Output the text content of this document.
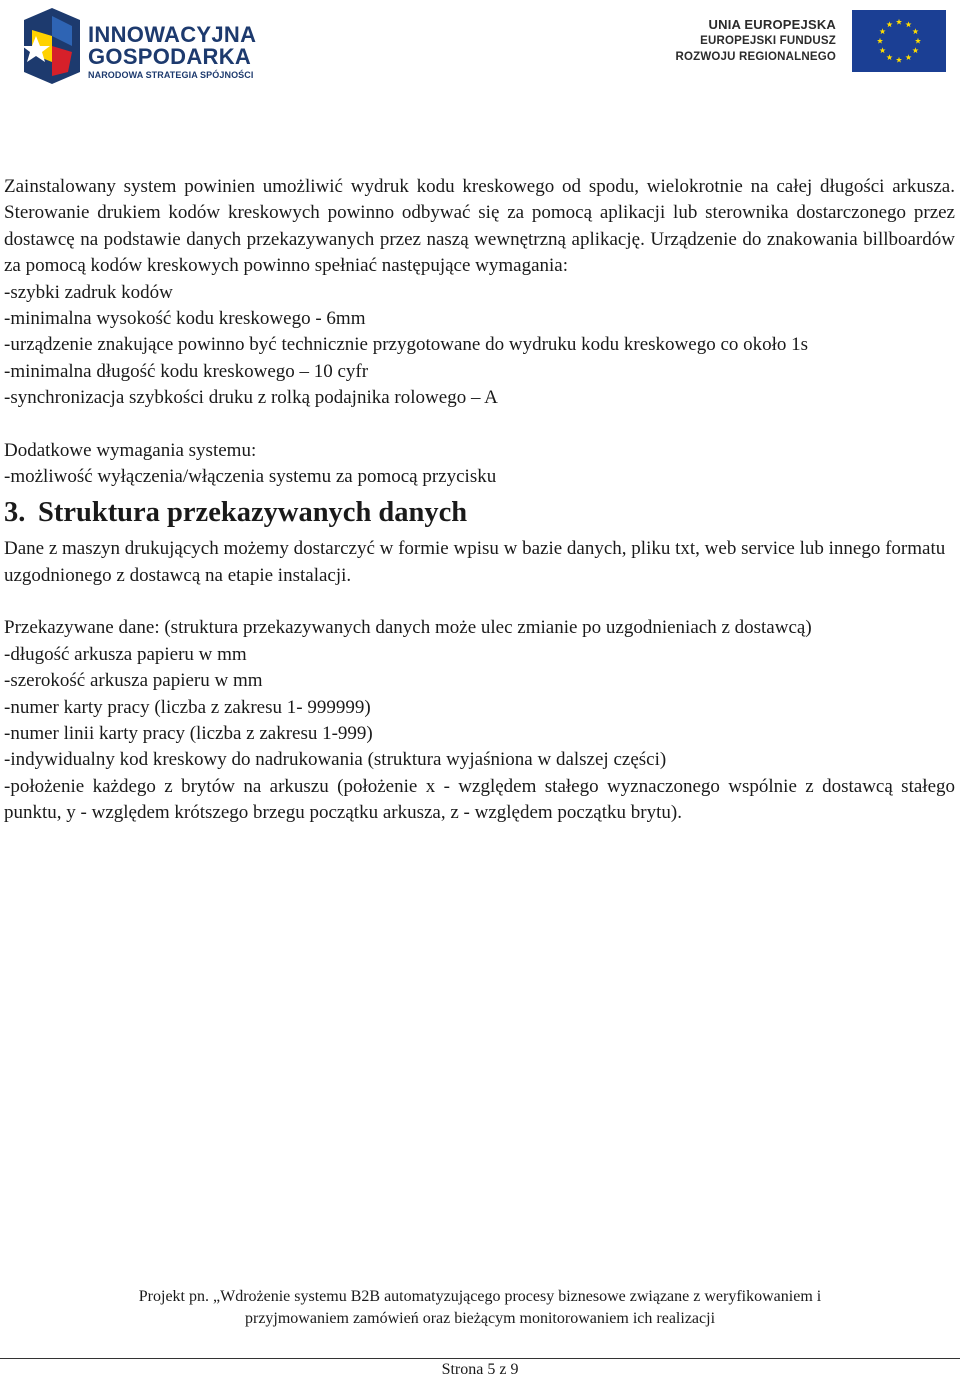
INNOWACYJNA
GOSPODARKA
NARODOWA STRATEGIA SPÓJNOŚCI
UNIA EUROPEJSKA
EUROPEJSKI FUNDUSZ
ROZWOJU REGIONALNEGO

Zainstalowany system powinien umożliwić wydruk kodu kreskowego od spodu, wielokrotnie na całej długości arkusza. Sterowanie drukiem kodów kreskowych powinno odbywać się za pomocą aplikacji lub sterownika dostarczonego przez dostawcę na podstawie danych przekazywanych przez naszą wewnętrzną aplikację. Urządzenie do znakowania billboardów za pomocą kodów kreskowych powinno spełniać następujące wymagania:

-szybki zadruk kodów

-minimalna wysokość kodu kreskowego - 6mm

-urządzenie znakujące powinno być technicznie przygotowane do wydruku kodu kreskowego co około 1s

-minimalna długość kodu kreskowego – 10 cyfr

-synchronizacja szybkości druku z rolką podajnika rolowego – A

Dodatkowe wymagania systemu:

-możliwość wyłączenia/włączenia systemu za pomocą przycisku

3. Struktura przekazywanych danych

Dane z maszyn drukujących możemy dostarczyć w formie wpisu w bazie danych, pliku txt, web service lub innego formatu uzgodnionego z dostawcą na etapie instalacji.

Przekazywane dane: (struktura przekazywanych danych może ulec zmianie po uzgodnieniach z dostawcą)

-długość arkusza papieru w mm

-szerokość arkusza papieru w mm

-numer karty pracy (liczba z zakresu 1- 999999)

-numer linii karty pracy (liczba z zakresu 1-999)

-indywidualny kod kreskowy do nadrukowania (struktura wyjaśniona w dalszej części)

-położenie każdego z brytów na arkuszu (położenie x - względem stałego wyznaczonego wspólnie z dostawcą stałego punktu, y - względem krótszego brzegu początku arkusza, z - względem początku brytu).

Projekt pn. „Wdrożenie systemu B2B automatyzującego procesy biznesowe związane z weryfikowaniem i
przyjmowaniem zamówień oraz bieżącym monitorowaniem ich realizacji
Strona 5 z 9
